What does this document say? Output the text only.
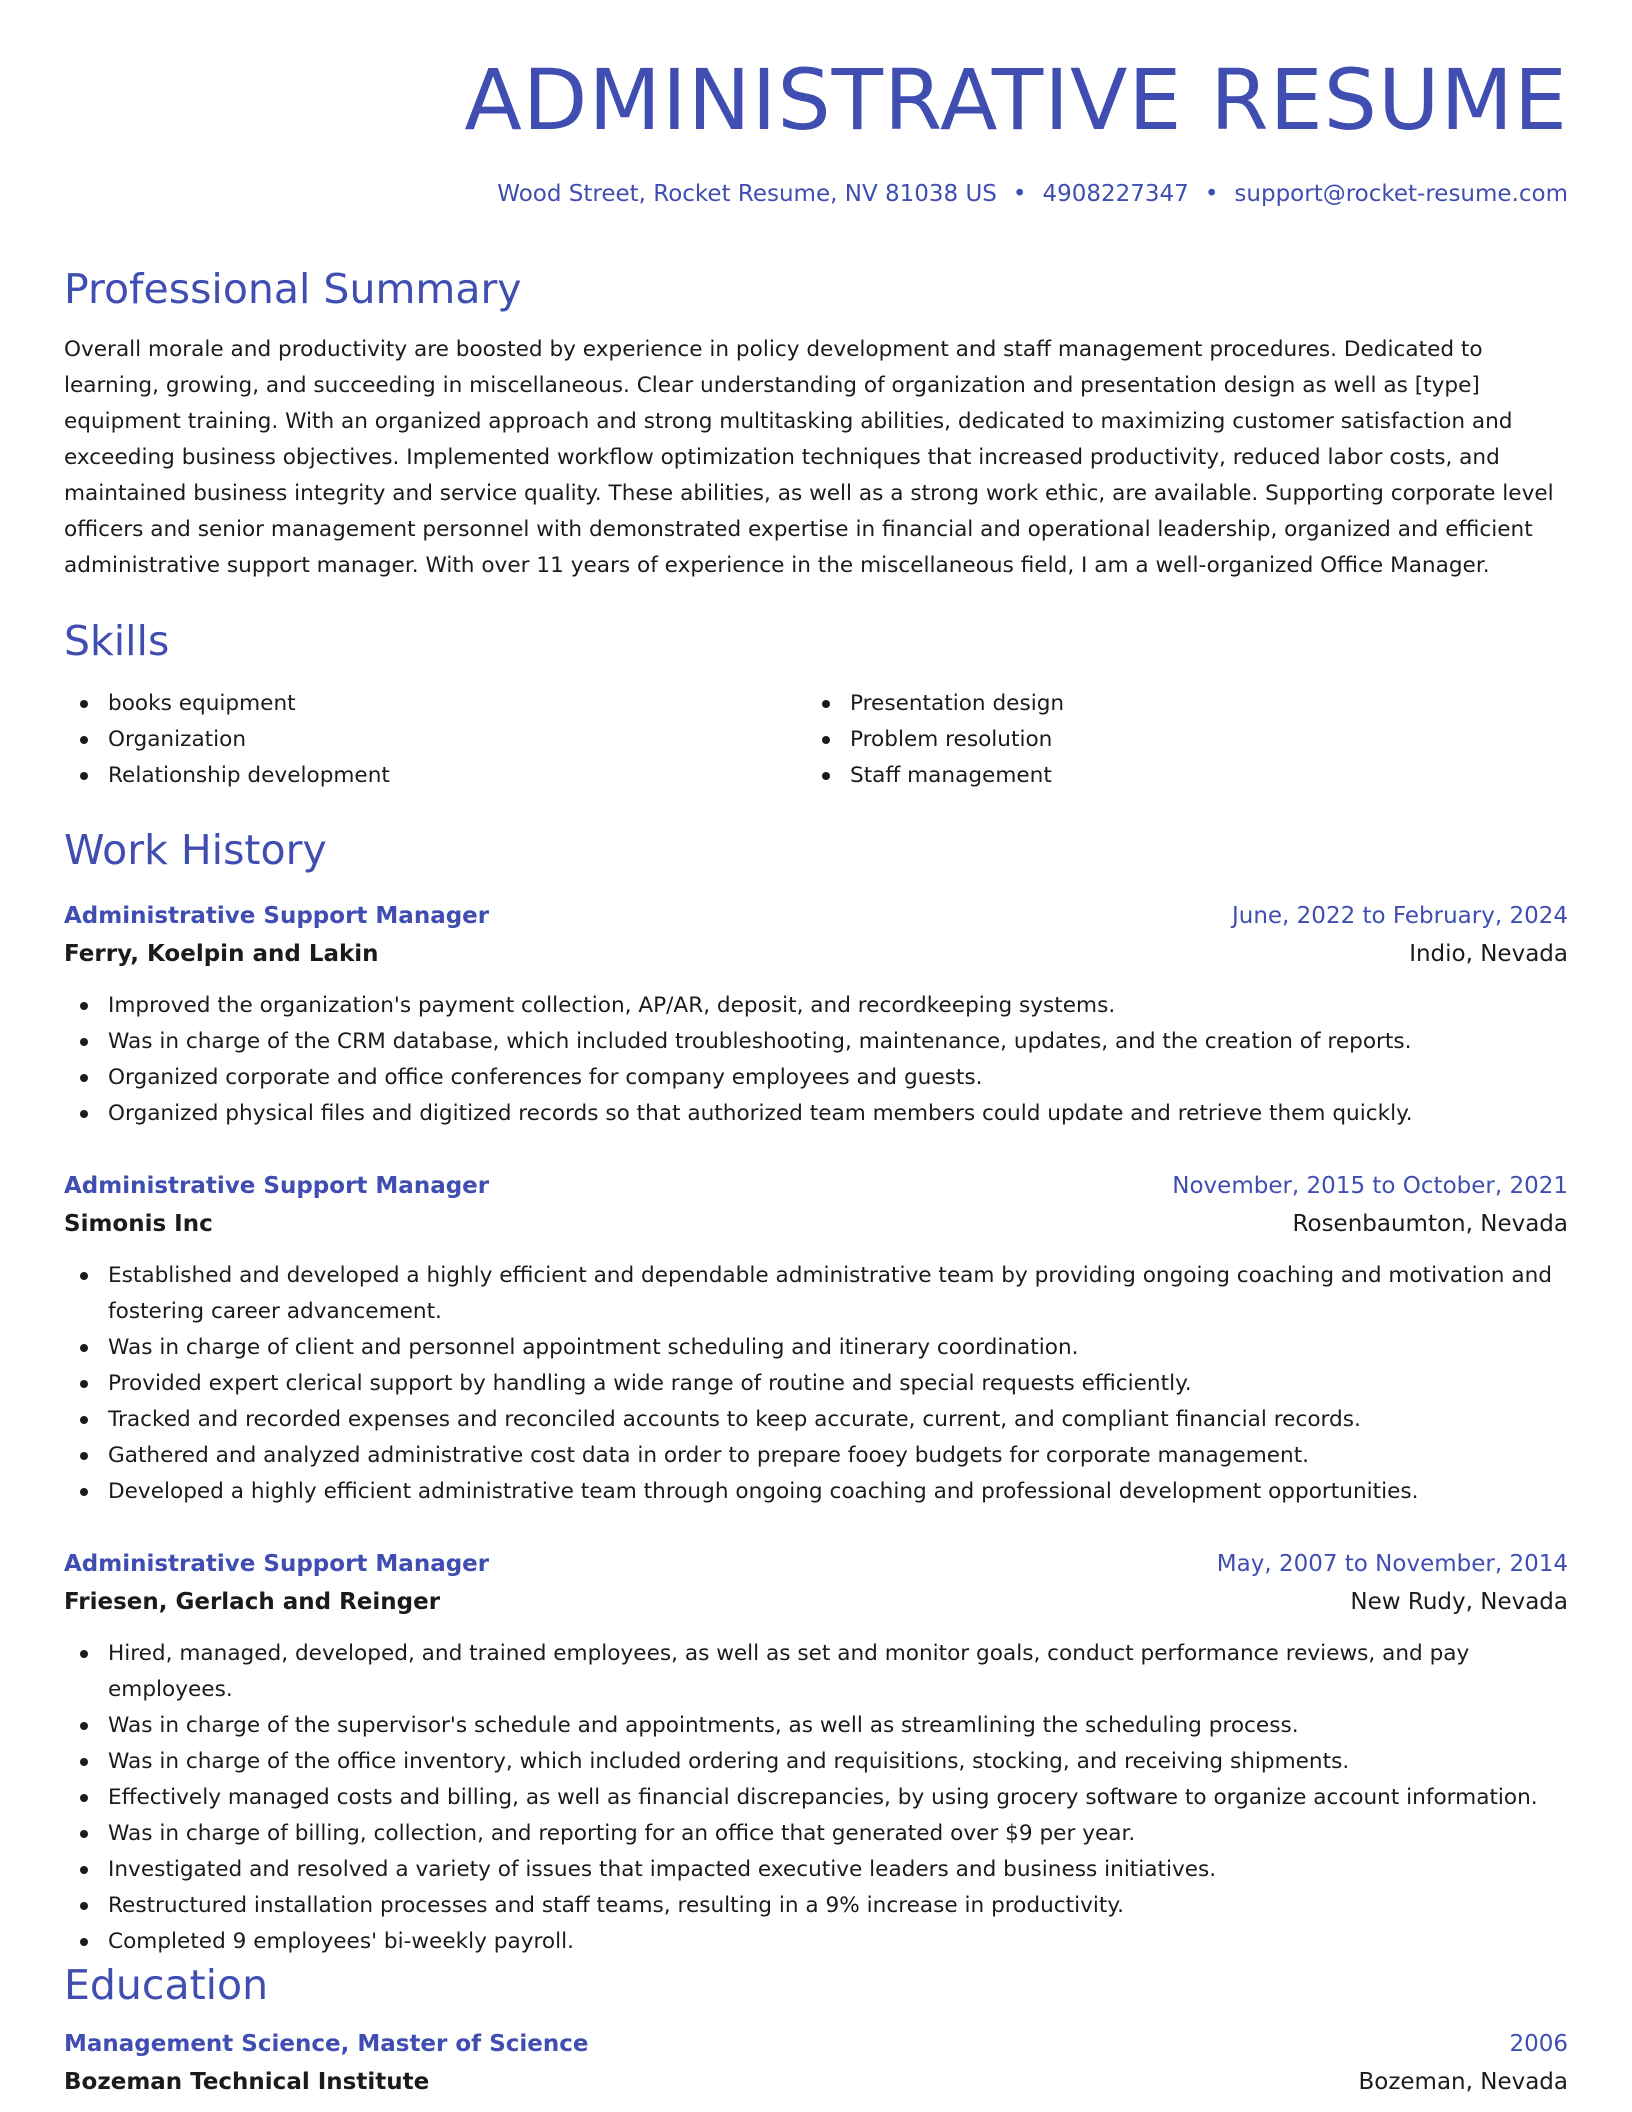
ADMINISTRATIVE RESUME
Wood Street, Rocket Resume, NV 81038 US • 4908227347 • support@rocket-resume.com
Professional Summary

Overall morale and productivity are boosted by experience in policy development and staff management procedures. Dedicated to learning, growing, and succeeding in miscellaneous. Clear understanding of organization and presentation design as well as [type] equipment training. With an organized approach and strong multitasking abilities, dedicated to maximizing customer satisfaction and exceeding business objectives. Implemented workflow optimization techniques that increased productivity, reduced labor costs, and maintained business integrity and service quality. These abilities, as well as a strong work ethic, are available. Supporting corporate level officers and senior management personnel with demonstrated expertise in financial and operational leadership, organized and efficient administrative support manager. With over 11 years of experience in the miscellaneous field, I am a well-organized Office Manager.

Skills
books equipment
Organization
Relationship development
Presentation design
Problem resolution
Staff management
Work History
Administrative Support Manager	June, 2022 to February, 2024
Ferry, Koelpin and Lakin	Indio, Nevada
Improved the organization's payment collection, AP/AR, deposit, and recordkeeping systems.
Was in charge of the CRM database, which included troubleshooting, maintenance, updates, and the creation of reports.
Organized corporate and office conferences for company employees and guests.
Organized physical files and digitized records so that authorized team members could update and retrieve them quickly.
Administrative Support Manager	November, 2015 to October, 2021
Simonis Inc	Rosenbaumton, Nevada
Established and developed a highly efficient and dependable administrative team by providing ongoing coaching and motivation and fostering career advancement.
Was in charge of client and personnel appointment scheduling and itinerary coordination.
Provided expert clerical support by handling a wide range of routine and special requests efficiently.
Tracked and recorded expenses and reconciled accounts to keep accurate, current, and compliant financial records.
Gathered and analyzed administrative cost data in order to prepare fooey budgets for corporate management.
Developed a highly efficient administrative team through ongoing coaching and professional development opportunities.
Administrative Support Manager	May, 2007 to November, 2014
Friesen, Gerlach and Reinger	New Rudy, Nevada
Hired, managed, developed, and trained employees, as well as set and monitor goals, conduct performance reviews, and pay employees.
Was in charge of the supervisor's schedule and appointments, as well as streamlining the scheduling process.
Was in charge of the office inventory, which included ordering and requisitions, stocking, and receiving shipments.
Effectively managed costs and billing, as well as financial discrepancies, by using grocery software to organize account information.
Was in charge of billing, collection, and reporting for an office that generated over $9 per year.
Investigated and resolved a variety of issues that impacted executive leaders and business initiatives.
Restructured installation processes and staff teams, resulting in a 9% increase in productivity.
Completed 9 employees' bi-weekly payroll.
Education
Management Science, Master of Science	2006
Bozeman Technical Institute	Bozeman, Nevada
